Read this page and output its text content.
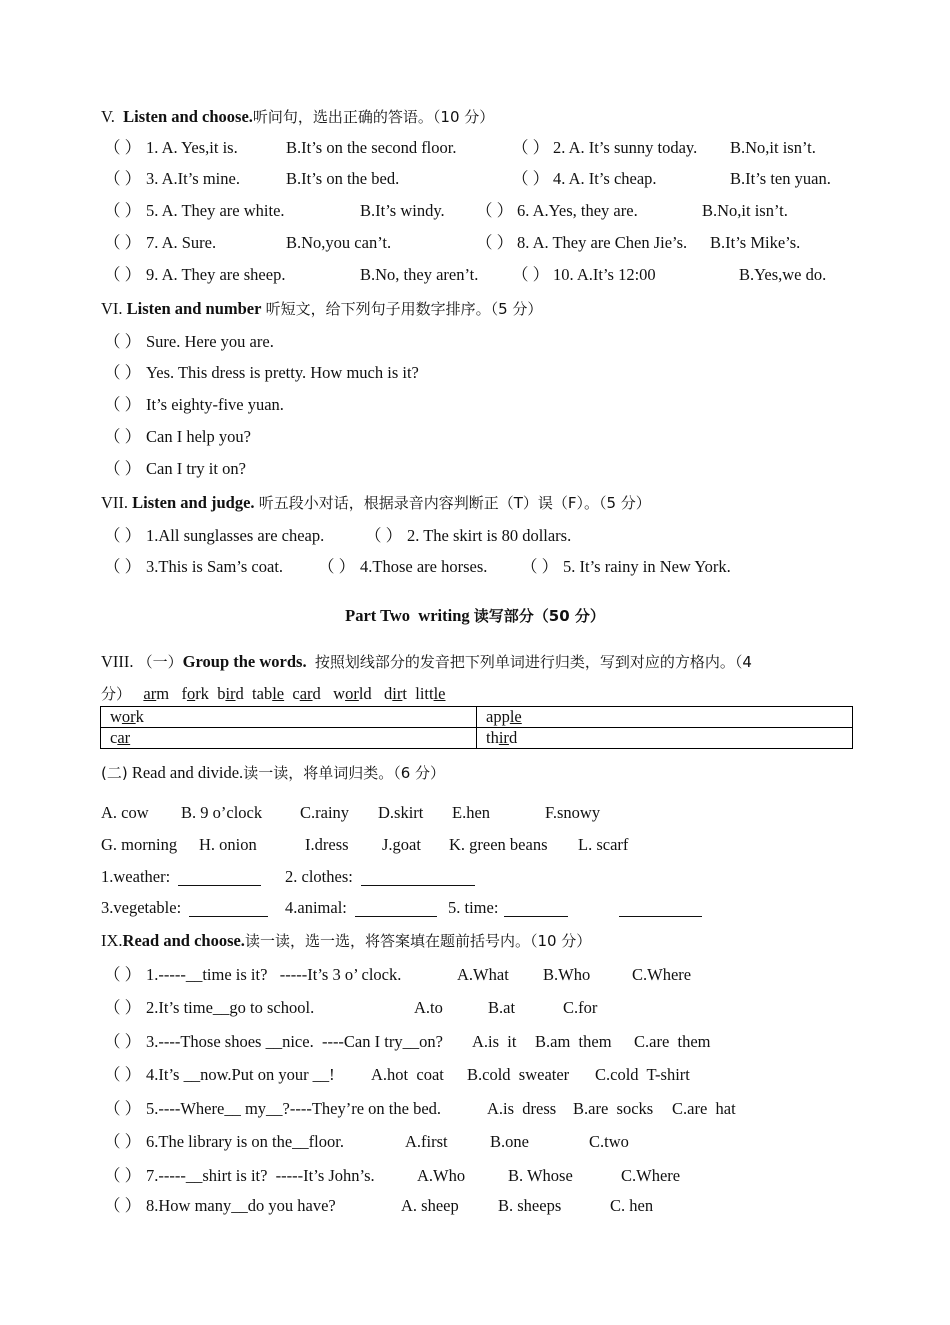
V. Listen and choose.听问句，选出正确的答语。（10 分）
（ ） 1. A. Yes,it is.	B.It’s on the second floor.	（ ） 2. A. It’s sunny today. B.No,it isn’t.
（ ） 3. A.It’s mine.	B.It’s on the bed.	（ ） 4. A. It’s cheap.	B.It’s ten yuan.
（ ） 5. A. They are white.	B.It’s windy. （ ） 6. A.Yes, they are.	B.No,it isn’t.
（ ） 7. A. Sure.	B.No,you can’t.	（ ） 8. A. They are Chen Jie’s. B.It’s Mike’s.
（ ） 9. A. They are sheep.	B.No, they aren’t. （ ） 10. A.It’s 12:00	B.Yes,we do.
VI. Listen and number 听短文，给下列句子用数字排序。（5 分）
（ ） Sure. Here you are.
（ ） Yes. This dress is pretty. How much is it?
（ ） It’s eighty-five yuan.
（ ） Can I help you?
（ ） Can I try it on?
VII. Listen and judge. 听五段小对话，根据录音内容判断正（T）误（F）。（5 分）
（ ） 1.All sunglasses are cheap. （ ） 2. The skirt is 80 dollars.
（ ） 3.This is Sam’s coat. （ ） 4.Those are horses. （ ） 5. It’s rainy in New York.
Part Two  writing 读写部分（50 分）
VIII. （一）Group the words. 按照划线部分的发音把下列单词进行归类，写到对应的方格内。（4
分） arm fork bird table card world dirt little
work	apple
car	third
(二) Read and divide.读一读，将单词归类。（6 分）
A. cow B. 9 o’clock C.rainy D.skirt E.hen	F.snowy
G. morning H. onion	I.dress J.goat K. green beans L. scarf
1.weather:	2. clothes:
3.vegetable:	4.animal:	5. time:
IX.Read and choose.读一读，选一选，将答案填在题前括号内。（10 分）
（ ） 1.-----__time is it?   -----It’s 3 o’ clock.	A.What B.Who	C.Where
（ ） 2.It’s time__go to school.	A.to	B.at	C.for
（ ） 3.----Those shoes __nice.  ----Can I try__on? A.is  it B.am  them C.are  them
（ ） 4.It’s __now.Put on your __! A.hot  coat B.cold  sweater C.cold  T-shirt
（ ） 5.----Where__ my__?----They’re on the bed.	A.is  dress B.are  socks C.are  hat
（ ） 6.The library is on the__floor.	A.first	B.one	C.two
（ ） 7.-----__shirt is it?  -----It’s John’s.	A.Who	B. Whose	C.Where
（ ） 8.How many__do you have?	A. sheep B. sheeps	C. hen
